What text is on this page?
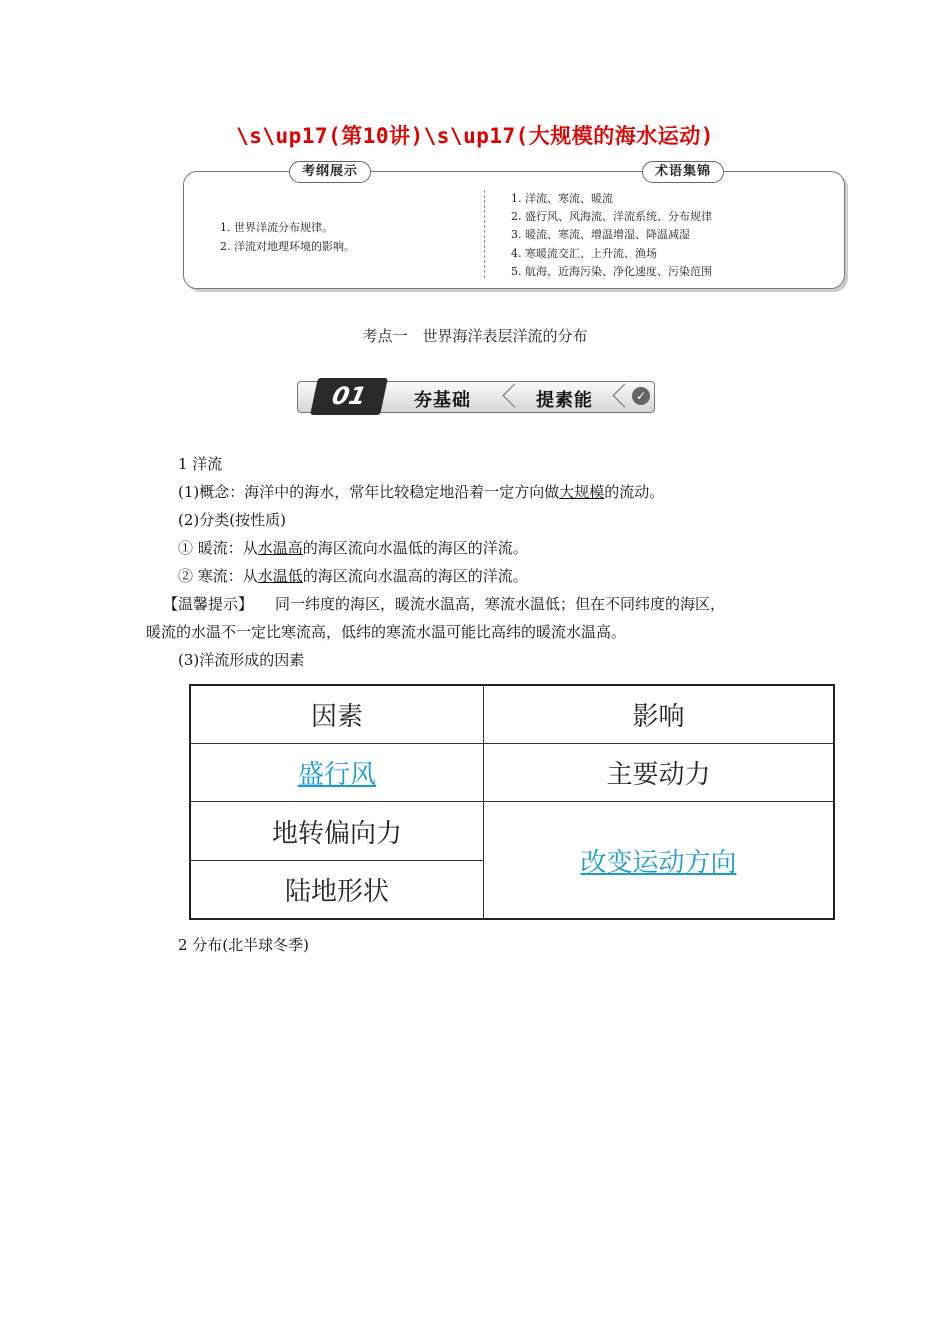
\s\up17(第10讲)\s\up17(大规模的海水运动)
考纲展示	术语集锦
1. 世界洋流分布规律。
2. 洋流对地理环境的影响。
1. 洋流、寒流、暖流
2. 盛行风、风海流、洋流系统、分布规律
3. 暖流、寒流、增温增湿、降温减湿
4. 寒暖流交汇、上升流、渔场
5. 航海、近海污染、净化速度、污染范围
考点一　世界海洋表层洋流的分布
01	夯基础	提素能	✓
1 洋流
(1)概念：海洋中的海水，常年比较稳定地沿着一定方向做大规模的流动。
(2)分类(按性质)
① 暖流：从水温高的海区流向水温低的海区的洋流。
② 寒流：从水温低的海区流向水温高的海区的洋流。
【温馨提示】 同一纬度的海区，暖流水温高，寒流水温低；但在不同纬度的海区，
暖流的水温不一定比寒流高，低纬的寒流水温可能比高纬的暖流水温高。
(3)洋流形成的因素
因素	影响
盛行风	主要动力
地转偏向力	改变运动方向
陆地形状	
2 分布(北半球冬季)
